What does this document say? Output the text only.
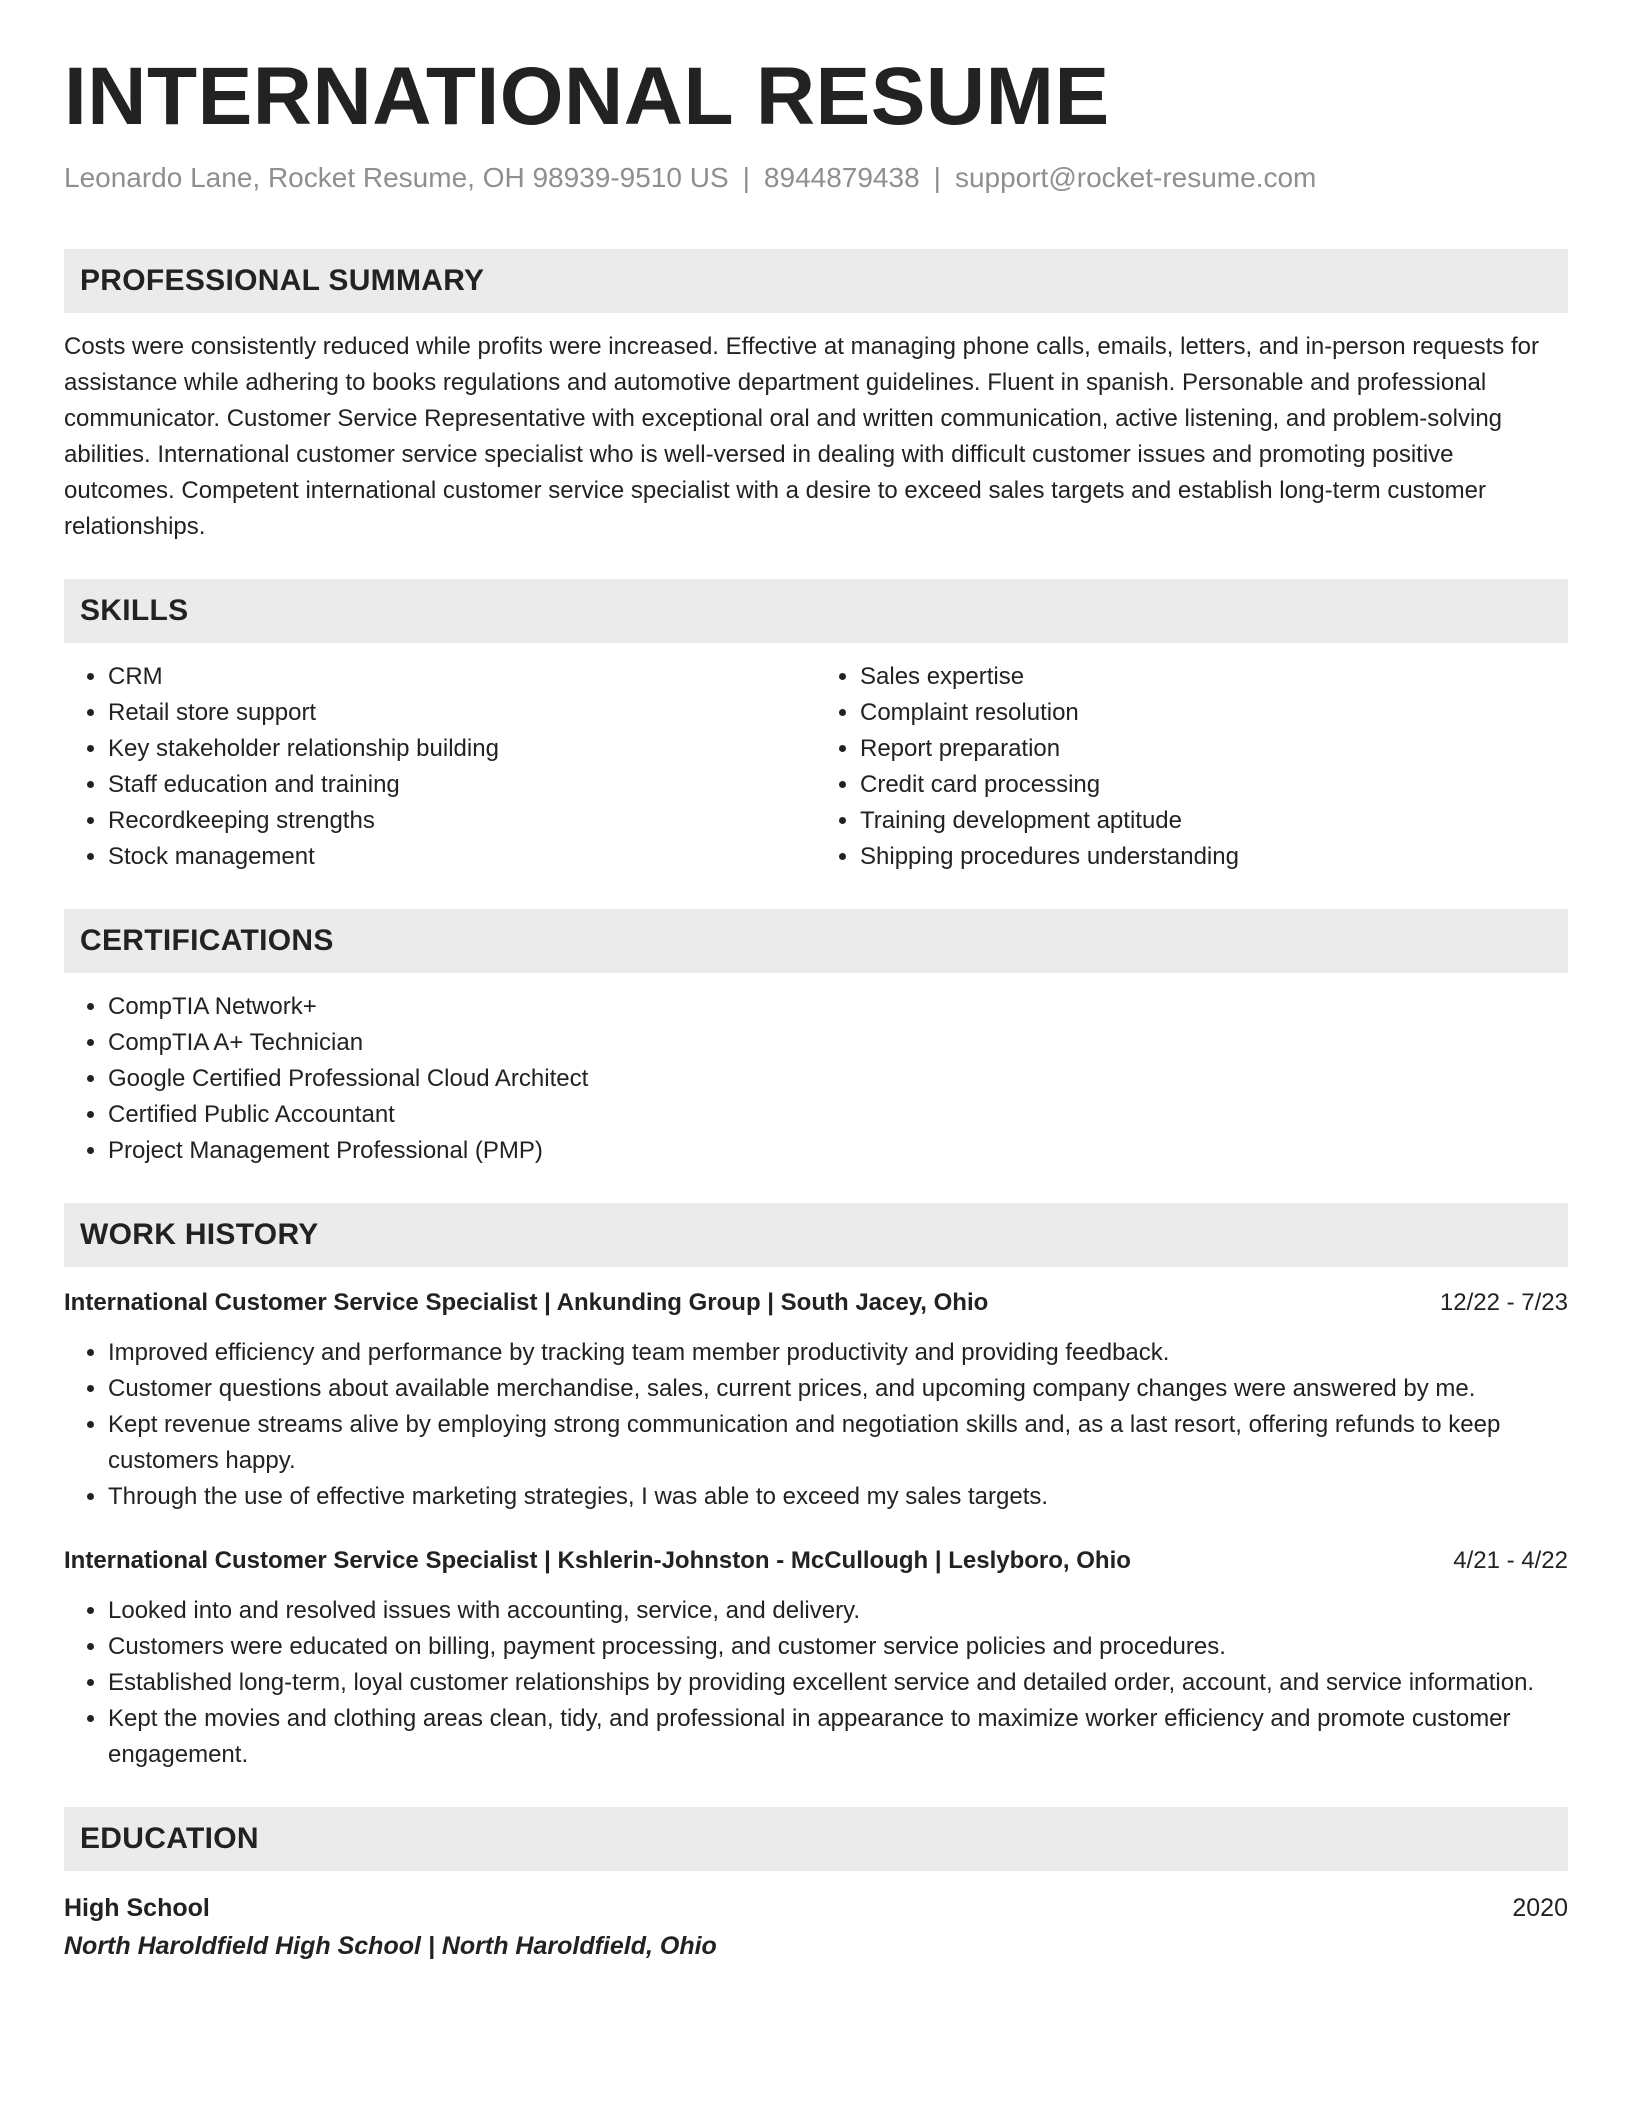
INTERNATIONAL RESUME
Leonardo Lane, Rocket Resume, OH 98939-9510 US | 8944879438 | support@rocket-resume.com
PROFESSIONAL SUMMARY
Costs were consistently reduced while profits were increased. Effective at managing phone calls, emails, letters, and in-person requests for assistance while adhering to books regulations and automotive department guidelines. Fluent in spanish. Personable and professional communicator. Customer Service Representative with exceptional oral and written communication, active listening, and problem-solving abilities. International customer service specialist who is well-versed in dealing with difficult customer issues and promoting positive outcomes. Competent international customer service specialist with a desire to exceed sales targets and establish long-term customer relationships.
SKILLS
• CRM
• Retail store support
• Key stakeholder relationship building
• Staff education and training
• Recordkeeping strengths
• Stock management
• Sales expertise
• Complaint resolution
• Report preparation
• Credit card processing
• Training development aptitude
• Shipping procedures understanding
CERTIFICATIONS
• CompTIA Network+
• CompTIA A+ Technician
• Google Certified Professional Cloud Architect
• Certified Public Accountant
• Project Management Professional (PMP)
WORK HISTORY
International Customer Service Specialist | Ankunding Group | South Jacey, Ohio	12/22 - 7/23
• Improved efficiency and performance by tracking team member productivity and providing feedback.
• Customer questions about available merchandise, sales, current prices, and upcoming company changes were answered by me.
• Kept revenue streams alive by employing strong communication and negotiation skills and, as a last resort, offering refunds to keep customers happy.
• Through the use of effective marketing strategies, I was able to exceed my sales targets.
International Customer Service Specialist | Kshlerin-Johnston - McCullough | Leslyboro, Ohio	4/21 - 4/22
• Looked into and resolved issues with accounting, service, and delivery.
• Customers were educated on billing, payment processing, and customer service policies and procedures.
• Established long-term, loyal customer relationships by providing excellent service and detailed order, account, and service information.
• Kept the movies and clothing areas clean, tidy, and professional in appearance to maximize worker efficiency and promote customer engagement.
EDUCATION
High School	2020
North Haroldfield High School | North Haroldfield, Ohio
